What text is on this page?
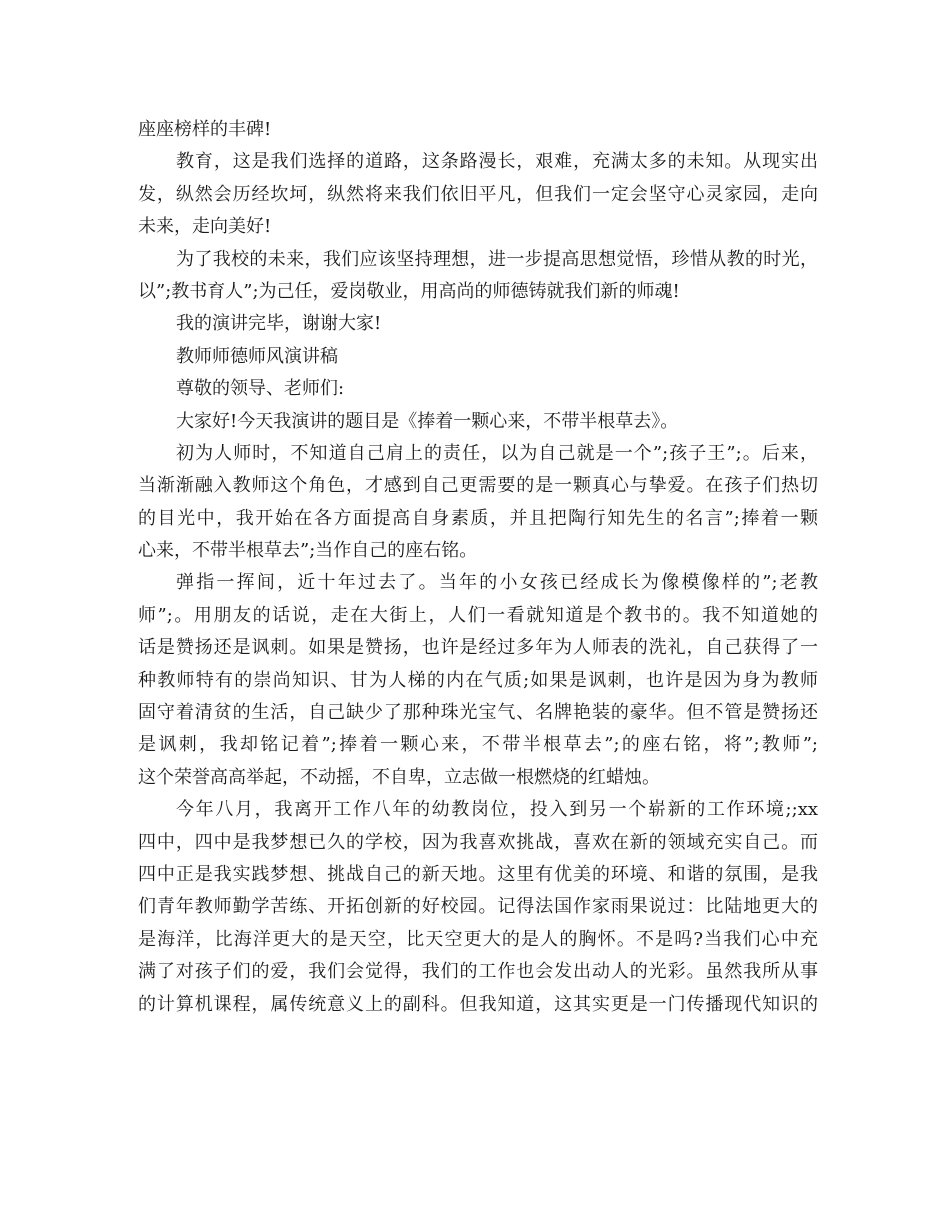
座座榜样的丰碑!
教育，这是我们选择的道路，这条路漫长，艰难，充满太多的未知。从现实出
发，纵然会历经坎坷，纵然将来我们依旧平凡，但我们一定会坚守心灵家园，走向
未来，走向美好!
为了我校的未来，我们应该坚持理想，进一步提高思想觉悟，珍惜从教的时光，
以”;教书育人”;为己任，爱岗敬业，用高尚的师德铸就我们新的师魂!
我的演讲完毕，谢谢大家!
教师师德师风演讲稿
尊敬的领导、老师们:
大家好!今天我演讲的题目是《捧着一颗心来，不带半根草去》。
初为人师时，不知道自己肩上的责任，以为自己就是一个”;孩子王”;。后来，
当渐渐融入教师这个角色，才感到自己更需要的是一颗真心与挚爱。在孩子们热切
的目光中，我开始在各方面提高自身素质，并且把陶行知先生的名言”;捧着一颗
心来，不带半根草去”;当作自己的座右铭。
弹指一挥间，近十年过去了。当年的小女孩已经成长为像模像样的”;老教
师”;。用朋友的话说，走在大街上，人们一看就知道是个教书的。我不知道她的
话是赞扬还是讽刺。如果是赞扬，也许是经过多年为人师表的洗礼，自己获得了一
种教师特有的崇尚知识、甘为人梯的内在气质;如果是讽刺，也许是因为身为教师
固守着清贫的生活，自己缺少了那种珠光宝气、名牌艳装的豪华。但不管是赞扬还
是讽刺，我却铭记着”;捧着一颗心来，不带半根草去”;的座右铭，将”;教师”;
这个荣誉高高举起，不动摇，不自卑，立志做一根燃烧的红蜡烛。
今年八月，我离开工作八年的幼教岗位，投入到另一个崭新的工作环境;;xx
四中，四中是我梦想已久的学校，因为我喜欢挑战，喜欢在新的领域充实自己。而
四中正是我实践梦想、挑战自己的新天地。这里有优美的环境、和谐的氛围，是我
们青年教师勤学苦练、开拓创新的好校园。记得法国作家雨果说过：比陆地更大的
是海洋，比海洋更大的是天空，比天空更大的是人的胸怀。不是吗?当我们心中充
满了对孩子们的爱，我们会觉得，我们的工作也会发出动人的光彩。虽然我所从事
的计算机课程，属传统意义上的副科。但我知道，这其实更是一门传播现代知识的
